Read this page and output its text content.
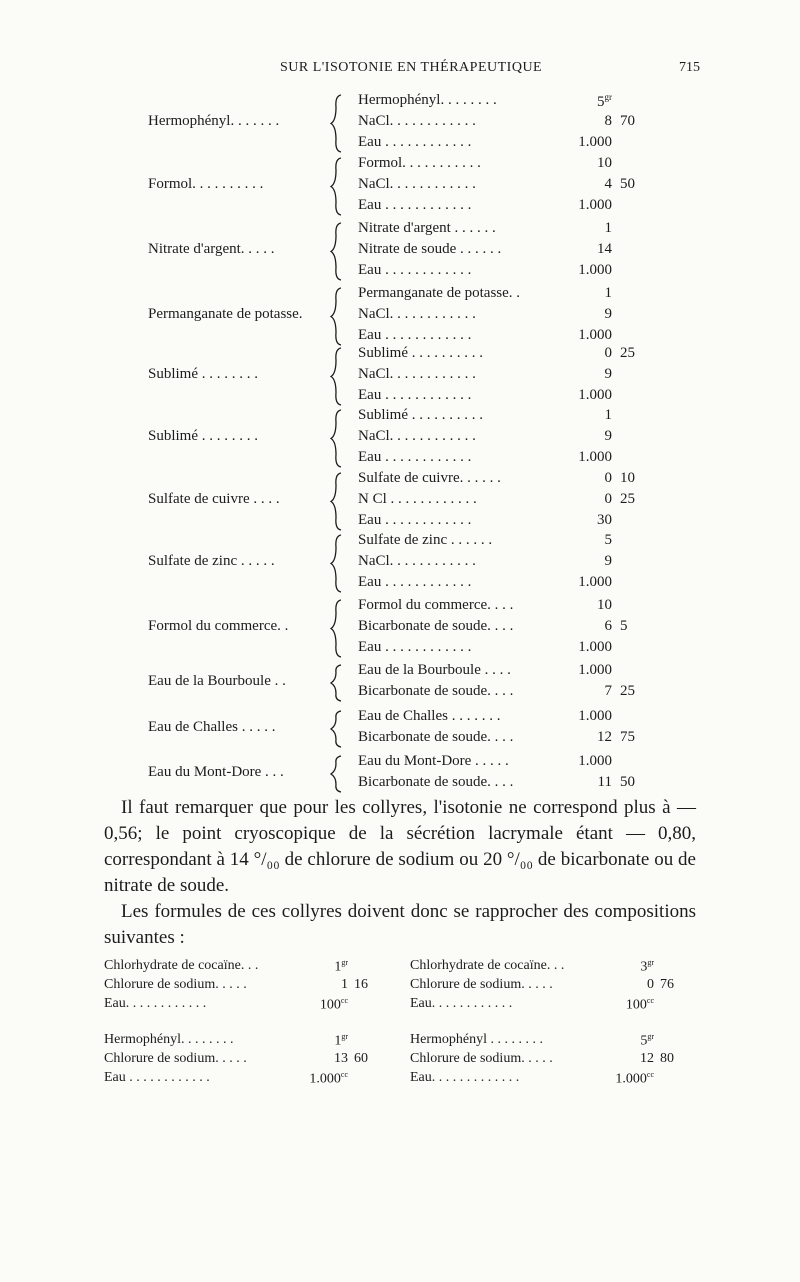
SUR L'ISOTONIE EN THÉRAPEUTIQUE	715
Hermophényl. . . . . . .
Hermophényl. . . . . . . .	$5^{gr}$
NaCl. . . . . . . . . . . .	8 70
Eau . . . . . . . . . . . .	1.000
Formol. . . . . . . . . .
Formol. . . . . . . . . . .	10
NaCl. . . . . . . . . . . .	4 50
Eau . . . . . . . . . . . .	1.000
Nitrate d'argent. . . . .
Nitrate d'argent . . . . . .	1
Nitrate de soude . . . . . .	14
Eau . . . . . . . . . . . .	1.000
Permanganate de potasse.
Permanganate de potasse. .	1
NaCl. . . . . . . . . . . .	9
Eau . . . . . . . . . . . .	1.000
Sublimé . . . . . . . .
Sublimé . . . . . . . . . .	0 25
NaCl. . . . . . . . . . . .	9
Eau . . . . . . . . . . . .	1.000
Sublimé . . . . . . . .
Sublimé . . . . . . . . . .	1
NaCl. . . . . . . . . . . .	9
Eau . . . . . . . . . . . .	1.000
Sulfate de cuivre . . . .
Sulfate de cuivre. . . . . .	0 10
N Cl . . . . . . . . . . . .	0 25
Eau . . . . . . . . . . . .	30
Sulfate de zinc . . . . .
Sulfate de zinc . . . . . .	5
NaCl. . . . . . . . . . . .	9
Eau . . . . . . . . . . . .	1.000
Formol du commerce. .
Formol du commerce. . . .	10
Bicarbonate de soude. . . .	6 5
Eau . . . . . . . . . . . .	1.000
Eau de la Bourboule . .
Eau de la Bourboule . . . .	1.000
Bicarbonate de soude. . . .	7 25
Eau de Challes . . . . .
Eau de Challes . . . . . . .	1.000
Bicarbonate de soude. . . .	12 75
Eau du Mont-Dore . . .
Eau du Mont-Dore . . . . .	1.000
Bicarbonate de soude. . . .	11 50

Il faut remarquer que pour les collyres, l'isotonie ne correspond plus à — 0,56; le point cryoscopique de la sécrétion lacrymale étant — 0,80, correspondant à 14 °/₀₀ de chlorure de sodium ou 20 °/₀₀ de bicarbonate ou de nitrate de soude.

Les formules de ces collyres doivent donc se rapprocher des compositions suivantes :

Chlorhydrate de cocaïne. . .	$1^{gr}$
Chlorure de sodium. . . . .	1 16
Eau. . . . . . . . . . . .	$100^{cc}$
Chlorhydrate de cocaïne. . .	$3^{gr}$
Chlorure de sodium. . . . .	0 76
Eau. . . . . . . . . . . .	$100^{cc}$
Hermophényl. . . . . . . .	$1^{gr}$
Chlorure de sodium. . . . .	13 60
Eau . . . . . . . . . . . .	1.000$^{cc}$
Hermophényl . . . . . . . .	$5^{gr}$
Chlorure de sodium. . . . .	12 80
Eau. . . . . . . . . . . . .	1.000$^{cc}$
